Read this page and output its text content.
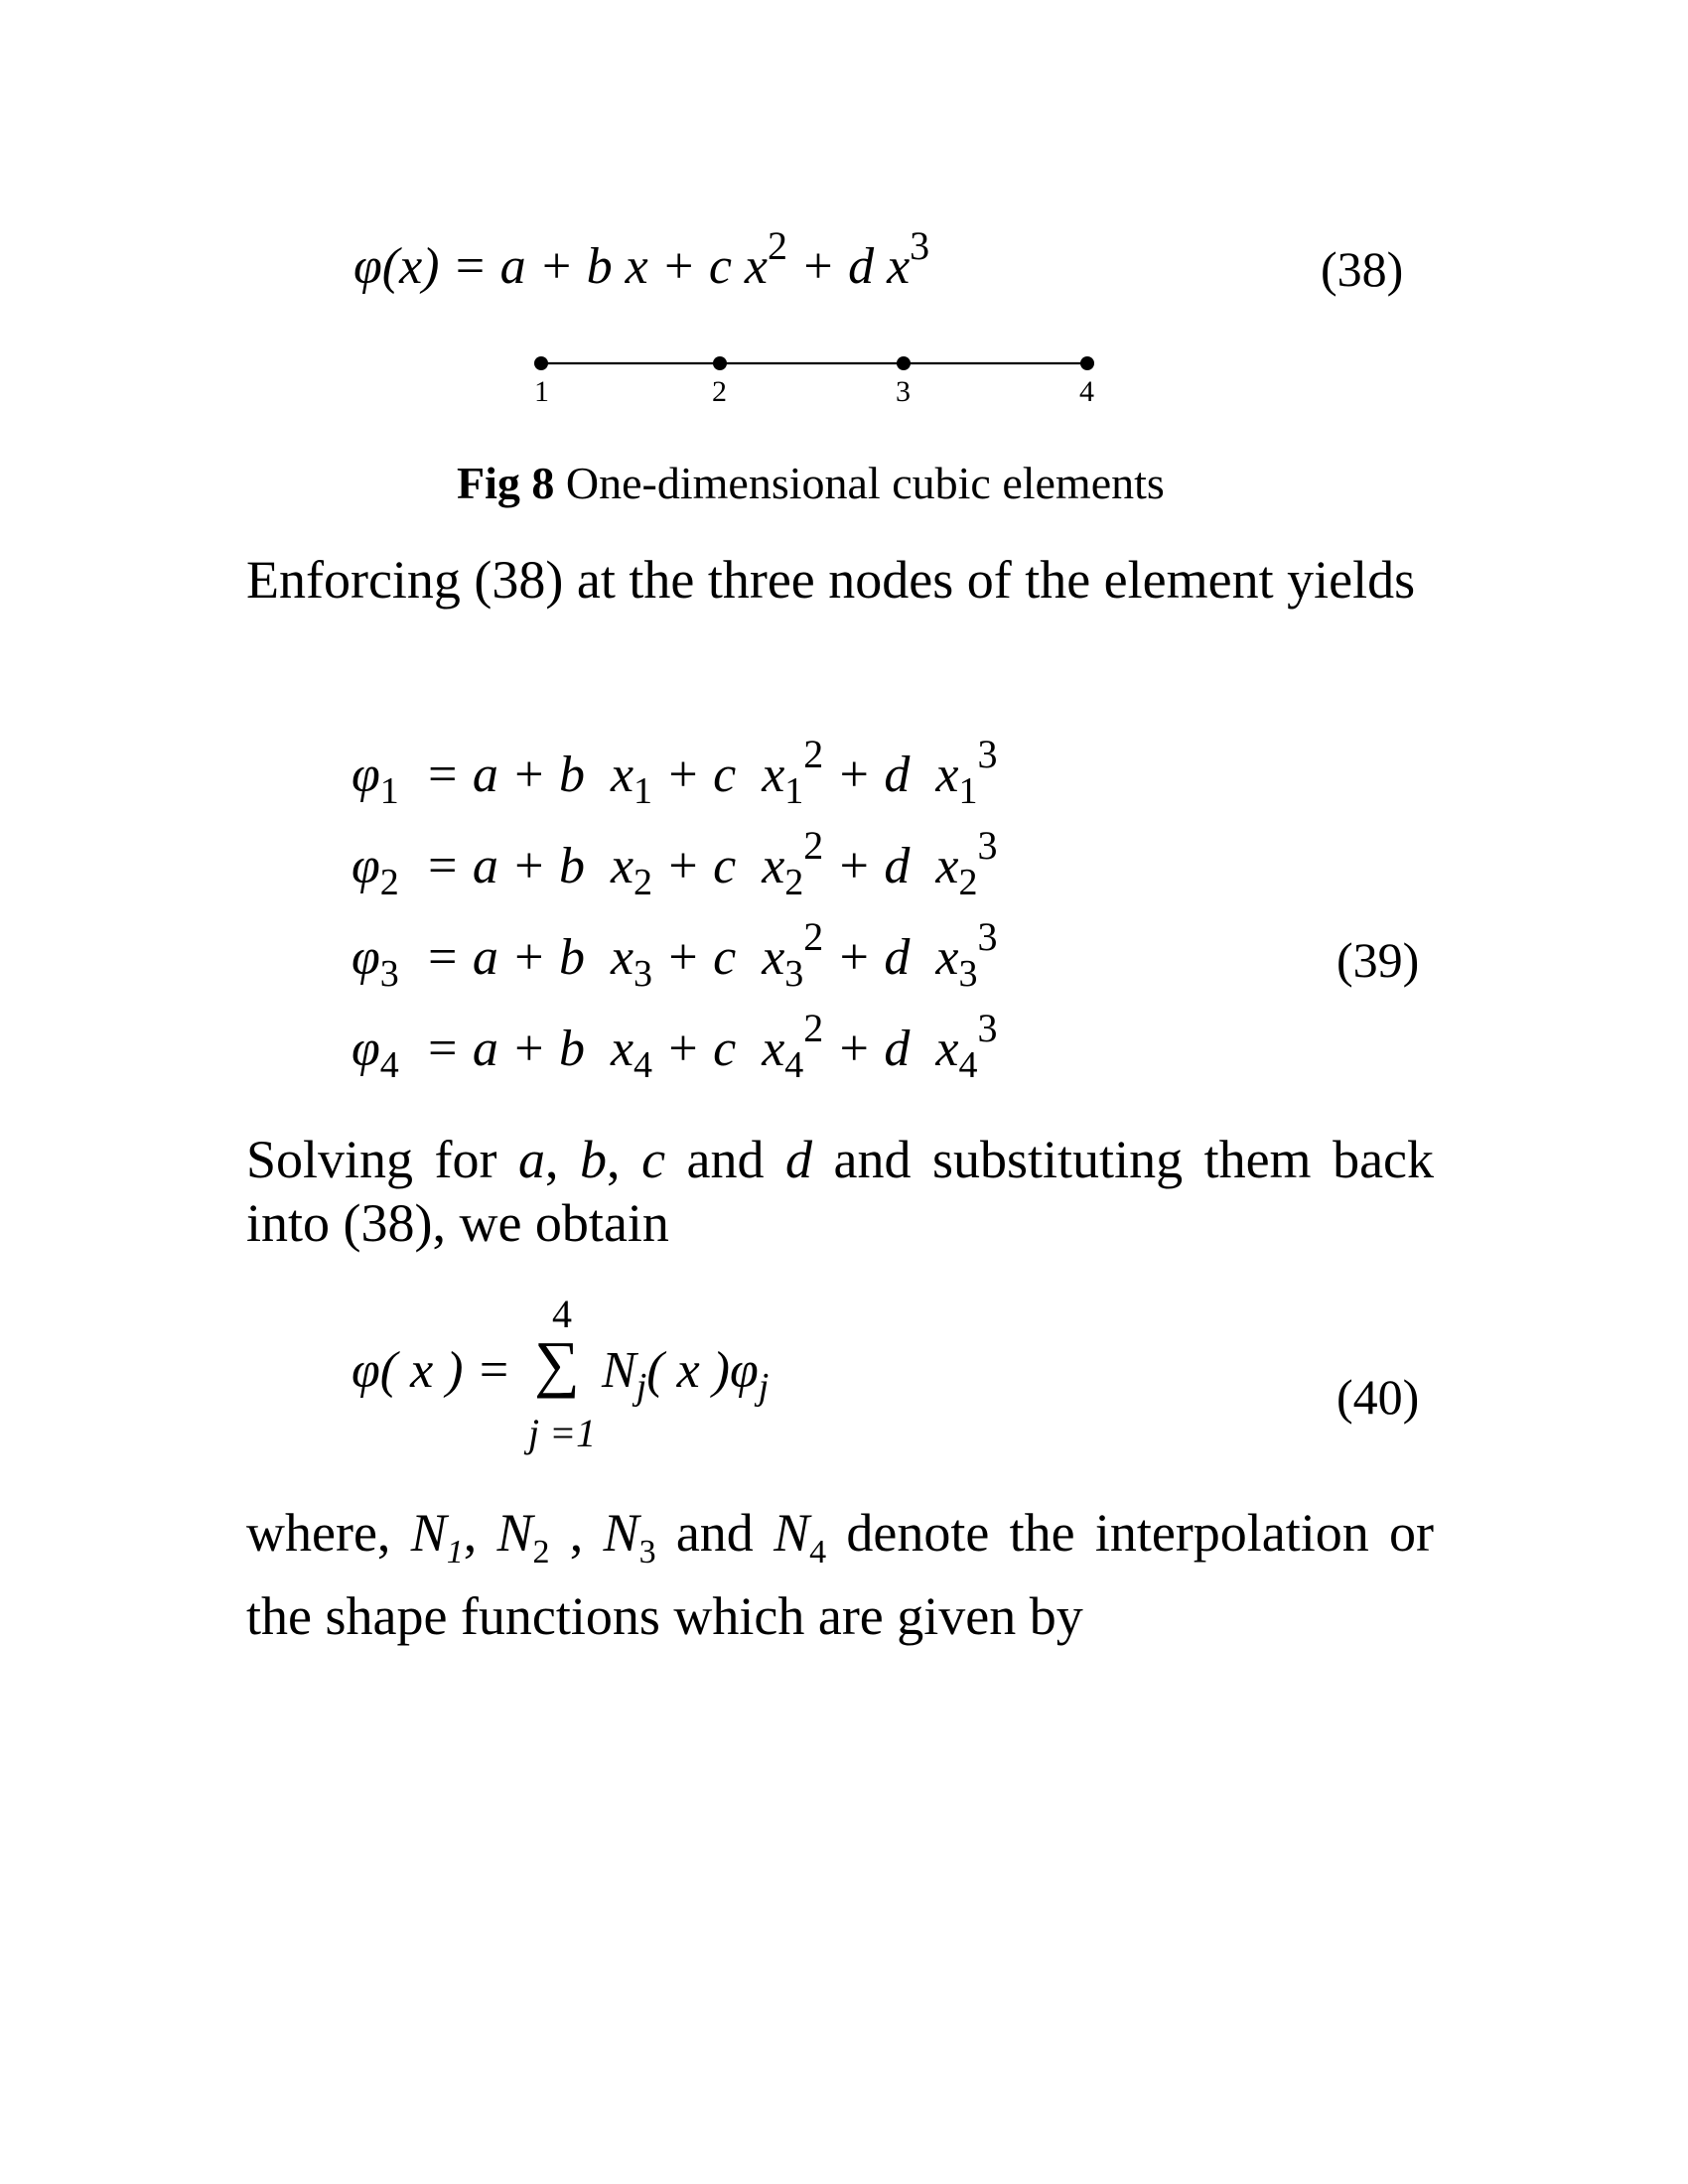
φ(x) = a + b x + c $x^2 + d$ $x^3$	(38)
1	2	3	4
Fig 8 One-dimensional cubic elements
Enforcing (38) at the three nodes of the element yields
$\varphi_1 = a + b$  $x_1 + c$  $x_1^2 + d$  $x_1^3$
$\varphi_2 = a + b$  $x_2 + c$  $x_2^2 + d$  $x_2^3$
$\varphi_3 = a + b$  $x_3 + c$  $x_3^2 + d$  $x_3^3$
$\varphi_4 = a + b$  $x_4 + c$  $x_4^2 + d$  $x_4^3$
(39)
Solving for a, b, c and d and substituting them back into (38), we obtain
φ( x ) =
4
∑
j =1
$N_j$( x )$\varphi_j$	(40)
where, $N_1$, $N_2$ , $N_3$ and $N_4$ denote the interpolation or the shape functions which are given by
